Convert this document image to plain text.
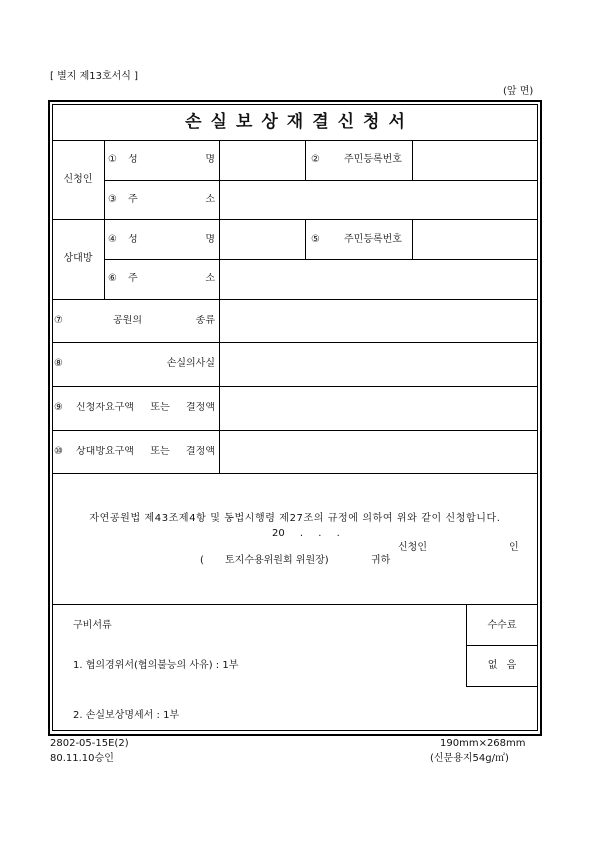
[ 별지 제13호서식 ]
(앞 면)
손실보상재결신청서
신청인
① 성 명	② 주민등록번호
③ 주 소
상대방
④ 성 명	⑤ 주민등록번호
⑥ 주 소
⑦	공원의 종류
⑧	손실의사실
⑨ 신청자요구액 또는 결정액
⑩ 상대방요구액 또는 결정액
자연공원법 제43조제4항 및 동법시행령 제27조의 규정에 의하여 위와 같이 신청합니다.
20 . . .
신청인	인
( 토지수용위원회 위원장)	귀하
구비서류	수수료
없 음
1. 협의경위서(협의불능의 사유) : 1부
2. 손실보상명세서 : 1부
2802-05-15E(2)
80.11.10승인
190mm×268mm
(신문용지54g/㎡)
